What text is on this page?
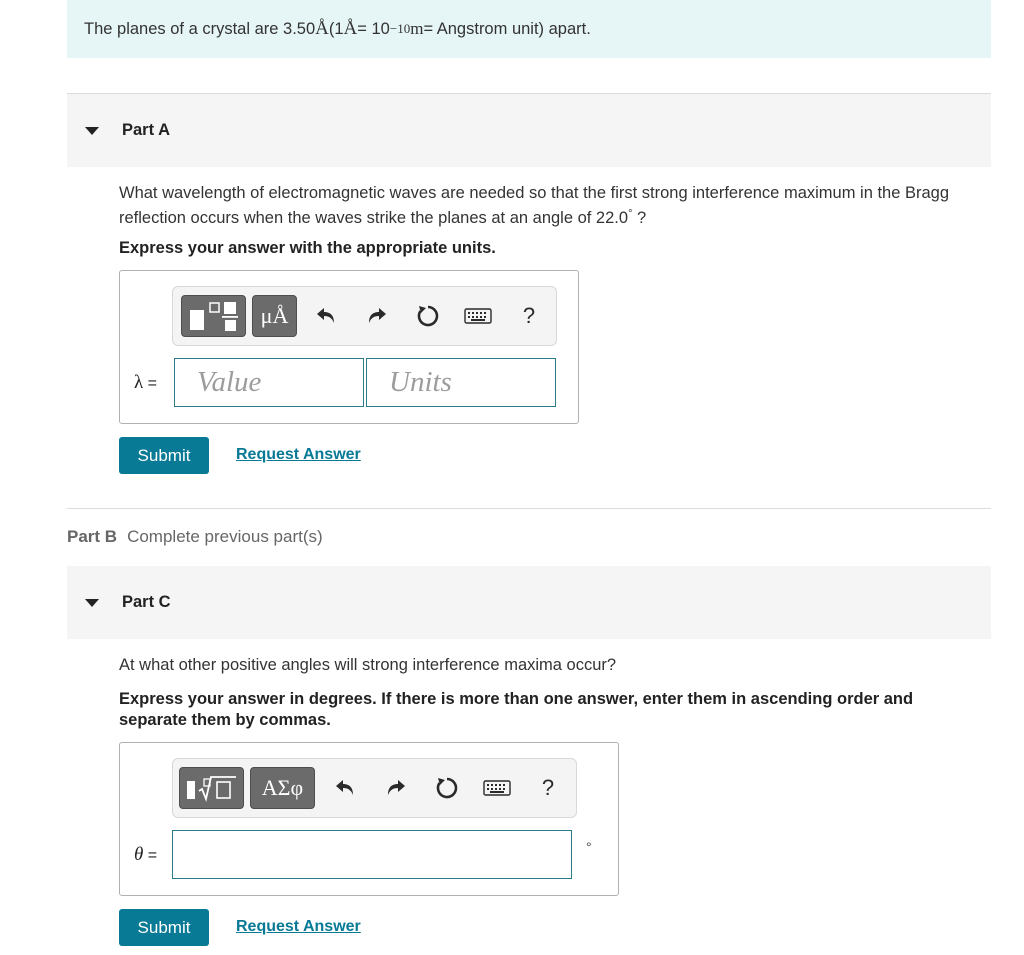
The planes of a crystal are 3.50 Å (1 Å = 10 −10 m = Angstrom unit) apart.
Part A
What wavelength of electromagnetic waves are needed so that the first strong interference maximum in the Bragg
reflection occurs when the waves strike the planes at an angle of 22.0° ?
Express your answer with the appropriate units.
μÅ	?
λ =
Value
Units
Submit	Request Answer
Part B Complete previous part(s)
Part C
At what other positive angles will strong interference maxima occur?
Express your answer in degrees. If there is more than one answer, enter them in ascending order and
separate them by commas.
ΑΣφ	?
θ =	°
Submit	Request Answer
